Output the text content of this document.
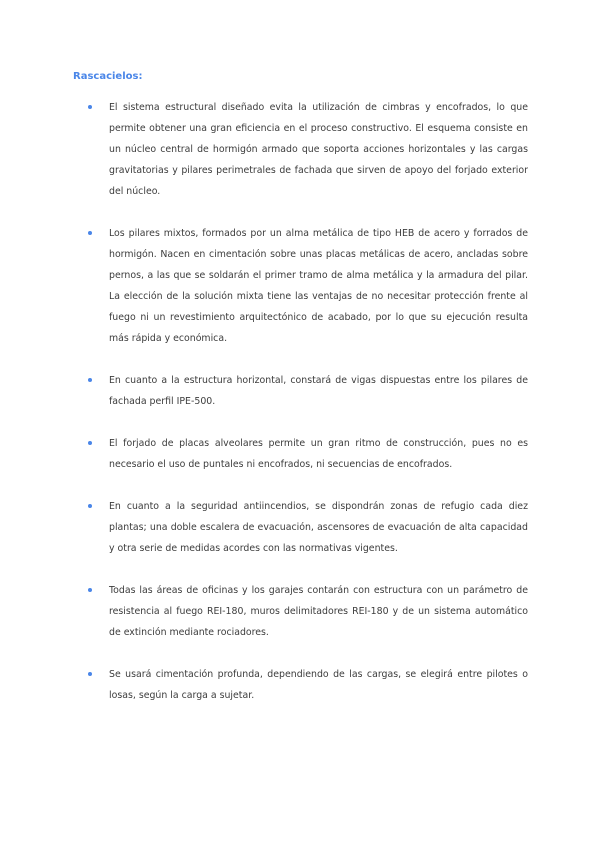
Rascacielos:
El sistema estructural diseñado evita la utilización de cimbras y encofrados, lo que permite obtener una gran eficiencia en el proceso constructivo. El esquema consiste en un núcleo central de hormigón armado que soporta acciones horizontales y las cargas gravitatorias y pilares perimetrales de fachada que sirven de apoyo del forjado exterior del núcleo.
Los pilares mixtos, formados por un alma metálica de tipo HEB de acero y forrados de hormigón. Nacen en cimentación sobre unas placas metálicas de acero, ancladas sobre pernos, a las que se soldarán el primer tramo de alma metálica y la armadura del pilar. La elección de la solución mixta tiene las ventajas de no necesitar protección frente al fuego ni un revestimiento arquitectónico de acabado, por lo que su ejecución resulta más rápida y económica.
En cuanto a la estructura horizontal, constará de vigas dispuestas entre los pilares de fachada perfil IPE-500.
El forjado de placas alveolares permite un gran ritmo de construcción, pues no es necesario el uso de puntales ni encofrados, ni secuencias de encofrados.
En cuanto a la seguridad antiincendios, se dispondrán zonas de refugio cada diez plantas; una doble escalera de evacuación, ascensores de evacuación de alta capacidad y otra serie de medidas acordes con las normativas vigentes.
Todas las áreas de oficinas y los garajes contarán con estructura con un parámetro de resistencia al fuego REI-180, muros delimitadores REI-180 y de un sistema automático de extinción mediante rociadores.
Se usará cimentación profunda, dependiendo de las cargas, se elegirá entre pilotes o losas, según la carga a sujetar.
